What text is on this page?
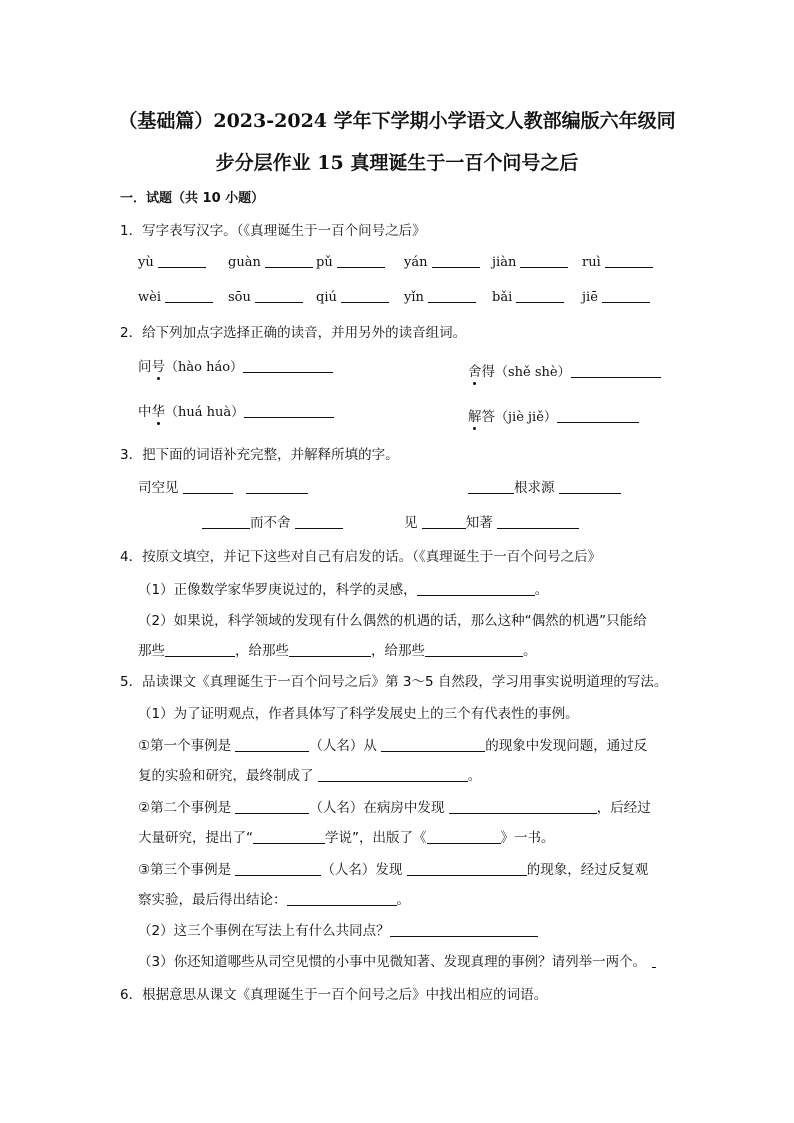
（基础篇）2023-2024 学年下学期小学语文人教部编版六年级同
步分层作业 15 真理诞生于一百个问号之后
一．试题（共 10 小题）
1．写字表写汉字。（《真理诞生于一百个问号之后》
yù	guàn	pǔ	yán	jiàn	ruì
wèi	sōu	qiú	yǐn	bǎi	jiē
2．给下列加点字选择正确的读音，并用另外的读音组词。
问号（hào háo）	舍得（shě shè）
中华（huá huà）	解答（jiè jiě）
3．把下面的词语补充完整，并解释所填的字。
司空见	根求源
而不舍	见	知著
4．按原文填空，并记下这些对自己有启发的话。（《真理诞生于一百个问号之后》
（1）正像数学家华罗庚说过的，科学的灵感，	。
（2）如果说，科学领域的发现有什么偶然的机遇的话，那么这种“偶然的机遇”只能给
那些	，给那些	，给那些	。
5．品读课文《真理诞生于一百个问号之后》第 3～5 自然段，学习用事实说明道理的写法。
（1）为了证明观点，作者具体写了科学发展史上的三个有代表性的事例。
①第一个事例是	（人名）从	的现象中发现问题，通过反
复的实验和研究，最终制成了	。
②第二个事例是	（人名）在病房中发现	，后经过
大量研究，提出了“	学说”，出版了《	》一书。
③第三个事例是	（人名）发现	的现象，经过反复观
察实验，最后得出结论：	。
（2）这三个事例在写法上有什么共同点？
（3）你还知道哪些从司空见惯的小事中见微知著、发现真理的事例？请列举一两个。
6．根据意思从课文《真理诞生于一百个问号之后》中找出相应的词语。
